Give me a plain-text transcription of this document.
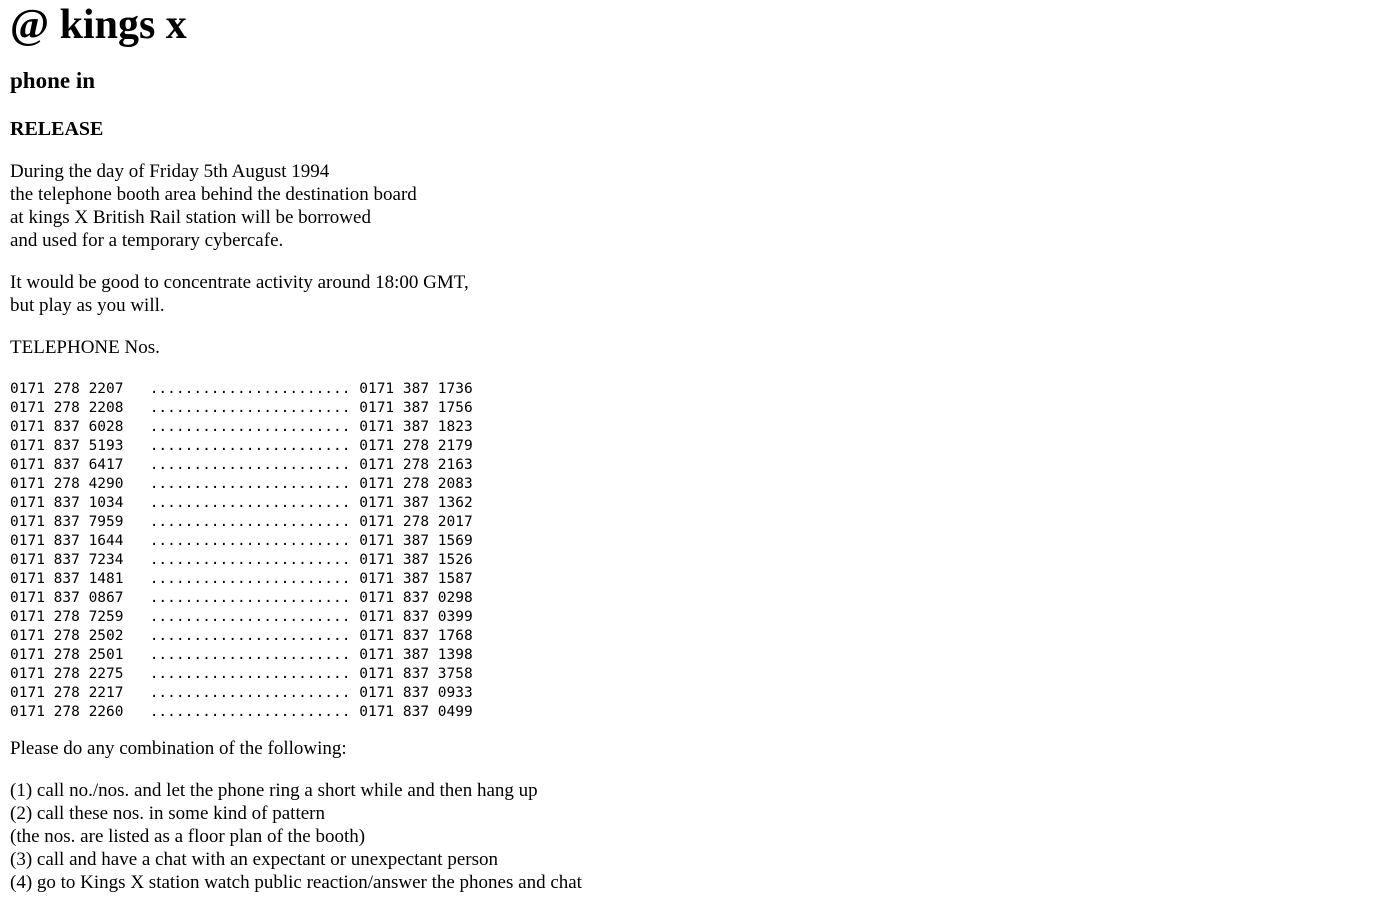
@ kings x
phone in
RELEASE

During the day of Friday 5th August 1994
the telephone booth area behind the destination board
at kings X British Rail station will be borrowed
and used for a temporary cybercafe.

It would be good to concentrate activity around 18:00 GMT,
but play as you will.

TELEPHONE Nos.

0171 278 2207 ....................... 0171 387 1736
0171 278 2208 ....................... 0171 387 1756
0171 837 6028 ....................... 0171 387 1823
0171 837 5193 ....................... 0171 278 2179
0171 837 6417 ....................... 0171 278 2163
0171 278 4290 ....................... 0171 278 2083
0171 837 1034 ....................... 0171 387 1362
0171 837 7959 ....................... 0171 278 2017
0171 837 1644 ....................... 0171 387 1569
0171 837 7234 ....................... 0171 387 1526
0171 837 1481 ....................... 0171 387 1587
0171 837 0867 ....................... 0171 837 0298
0171 278 7259 ....................... 0171 837 0399
0171 278 2502 ....................... 0171 837 1768
0171 278 2501 ....................... 0171 387 1398
0171 278 2275 ....................... 0171 837 3758
0171 278 2217 ....................... 0171 837 0933
0171 278 2260 ....................... 0171 837 0499

Please do any combination of the following:

(1) call no./nos. and let the phone ring a short while and then hang up
(2) call these nos. in some kind of pattern
(the nos. are listed as a floor plan of the booth)
(3) call and have a chat with an expectant or unexpectant person
(4) go to Kings X station watch public reaction/answer the phones and chat
